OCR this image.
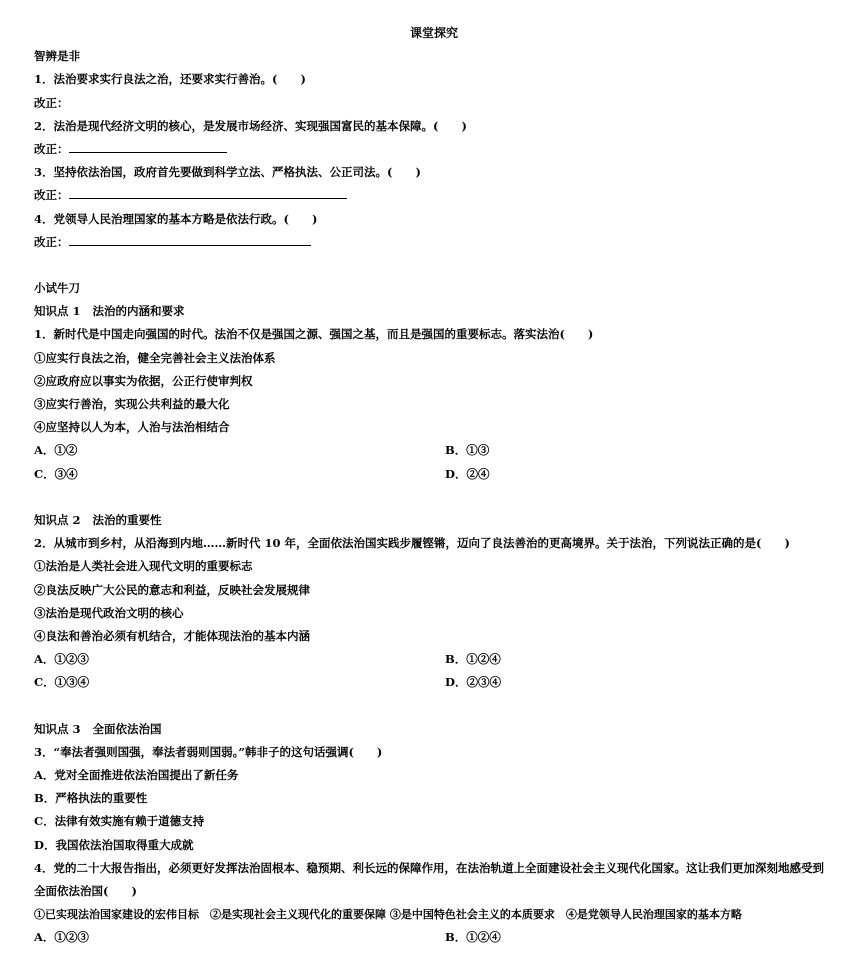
课堂探究
智辨是非
1．法治要求实行良法之治，还要求实行善治。(　　)
改正：
2．法治是现代经济文明的核心，是发展市场经济、实现强国富民的基本保障。(　　)
改正：
3．坚持依法治国，政府首先要做到科学立法、严格执法、公正司法。(　　)
改正：
4．党领导人民治理国家的基本方略是依法行政。(　　)
改正：
小试牛刀
知识点 1 法治的内涵和要求
1．新时代是中国走向强国的时代。法治不仅是强国之源、强国之基，而且是强国的重要标志。落实法治(　　)
①应实行良法之治，健全完善社会主义法治体系
②应政府应以事实为依据，公正行使审判权
③应实行善治，实现公共利益的最大化
④应坚持以人为本，人治与法治相结合
A．①②	B．①③
C．③④	D．②④
知识点 2 法治的重要性
2．从城市到乡村，从沿海到内地……新时代 10 年，全面依法治国实践步履铿锵，迈向了良法善治的更高境界。关于法治，下列说法正确的是(　　)
①法治是人类社会进入现代文明的重要标志
②良法反映广大公民的意志和利益，反映社会发展规律
③法治是现代政治文明的核心
④良法和善治必须有机结合，才能体现法治的基本内涵
A．①②③	B．①②④
C．①③④	D．②③④
知识点 3 全面依法治国
3．“奉法者强则国强，奉法者弱则国弱。”韩非子的这句话强调(　　)
A．党对全面推进依法治国提出了新任务
B．严格执法的重要性
C．法律有效实施有赖于道德支持
D．我国依法治国取得重大成就
4．党的二十大报告指出，必须更好发挥法治固根本、稳预期、利长远的保障作用，在法治轨道上全面建设社会主义现代化国家。这让我们更加深刻地感受到全面依法治国(　　)
①已实现法治国家建设的宏伟目标　②是实现社会主义现代化的重要保障 ③是中国特色社会主义的本质要求　④是党领导人民治理国家的基本方略
A．①②③	B．①②④
